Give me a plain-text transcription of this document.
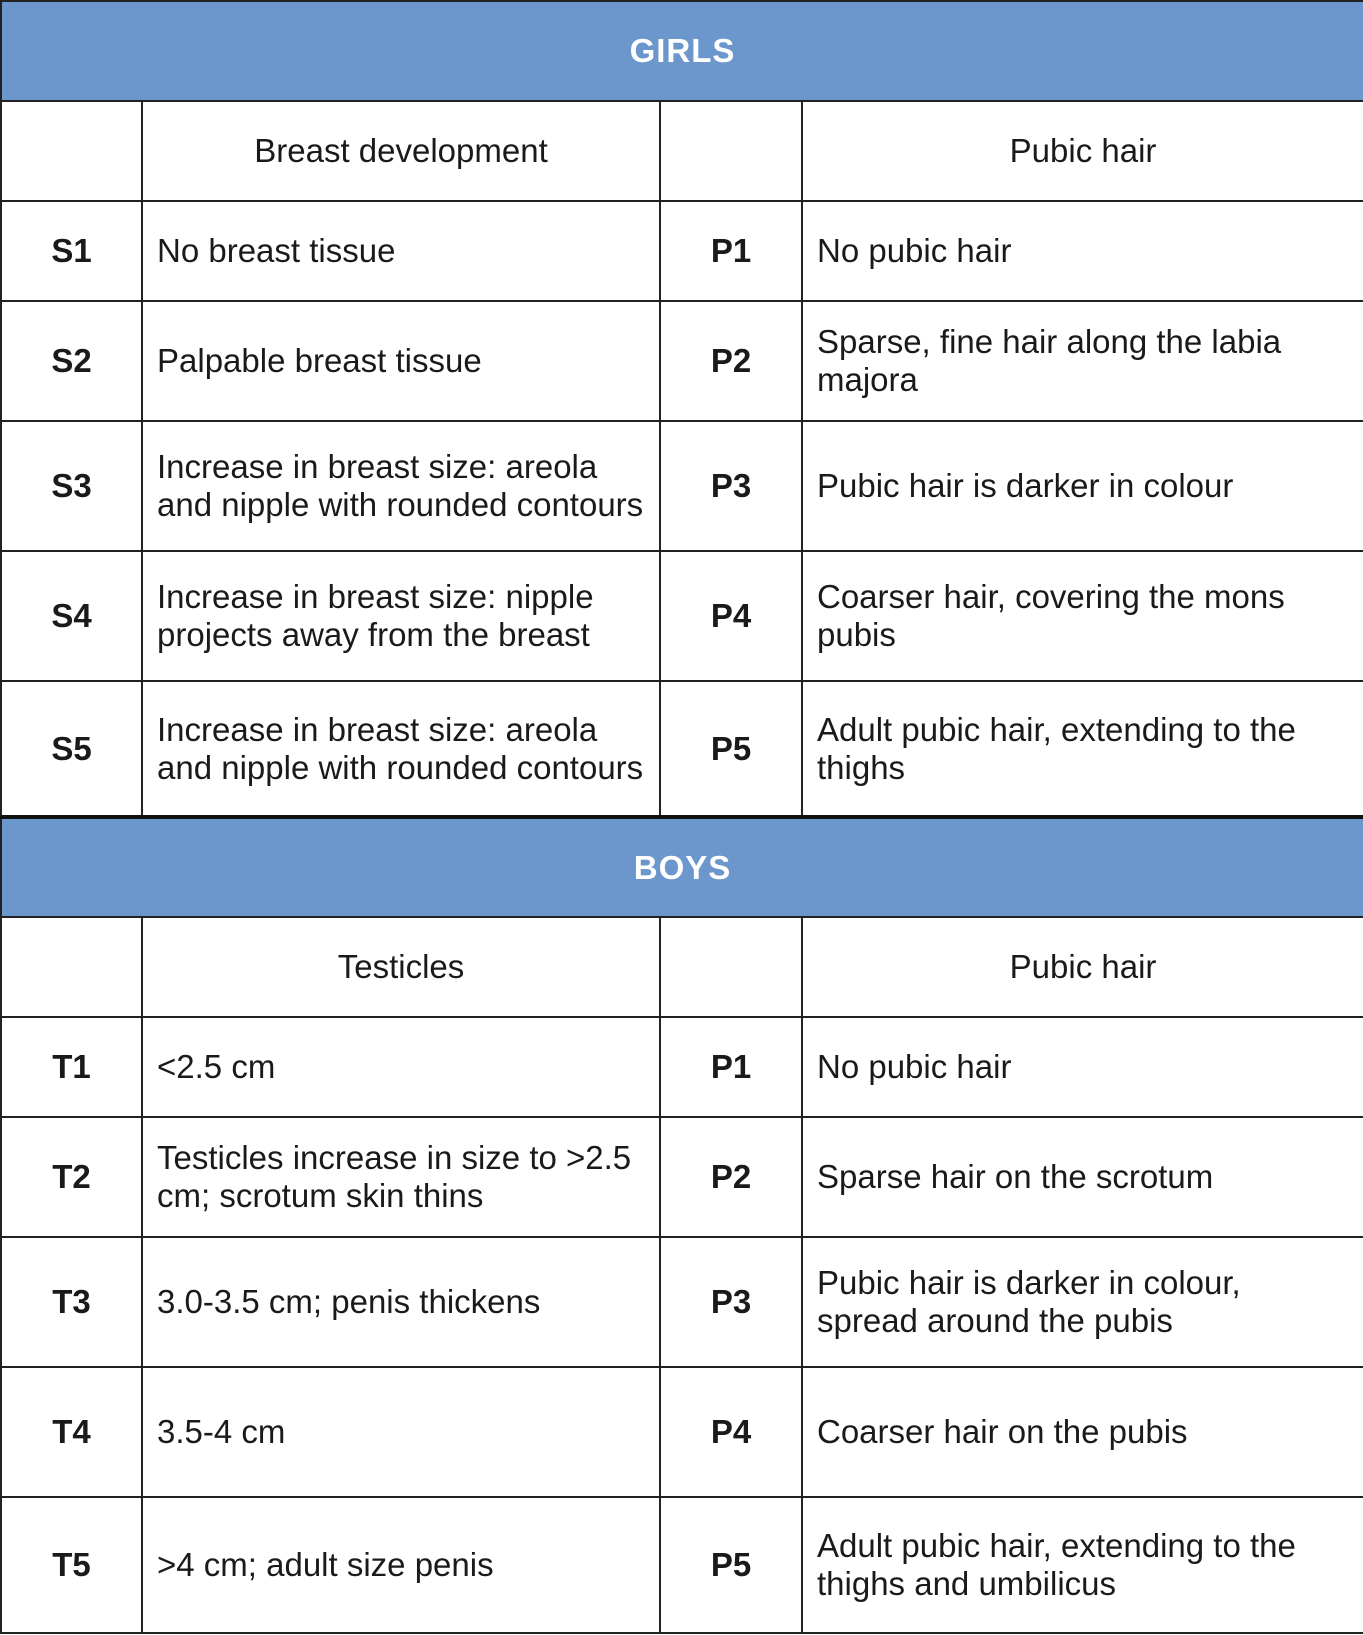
GIRLS			
	Breast development		Pubic hair
S1	No breast tissue	P1	No pubic hair
S2	Palpable breast tissue	P2	Sparse, fine hair along the labia majora
S3	Increase in breast size: areola and nipple with rounded contours	P3	Pubic hair is darker in colour
S4	Increase in breast size: nipple projects away from the breast	P4	Coarser hair, covering the mons pubis
S5	Increase in breast size: areola and nipple with rounded contours	P5	Adult pubic hair, extending to the thighs
BOYS			
	Testicles		Pubic hair
T1	<2.5 cm	P1	No pubic hair
T2	Testicles increase in size to >2.5 cm; scrotum skin thins	P2	Sparse hair on the scrotum
T3	3.0-3.5 cm; penis thickens	P3	Pubic hair is darker in colour, spread around the pubis
T4	3.5-4 cm	P4	Coarser hair on the pubis
T5	>4 cm; adult size penis	P5	Adult pubic hair, extending to the thighs and umbilicus
